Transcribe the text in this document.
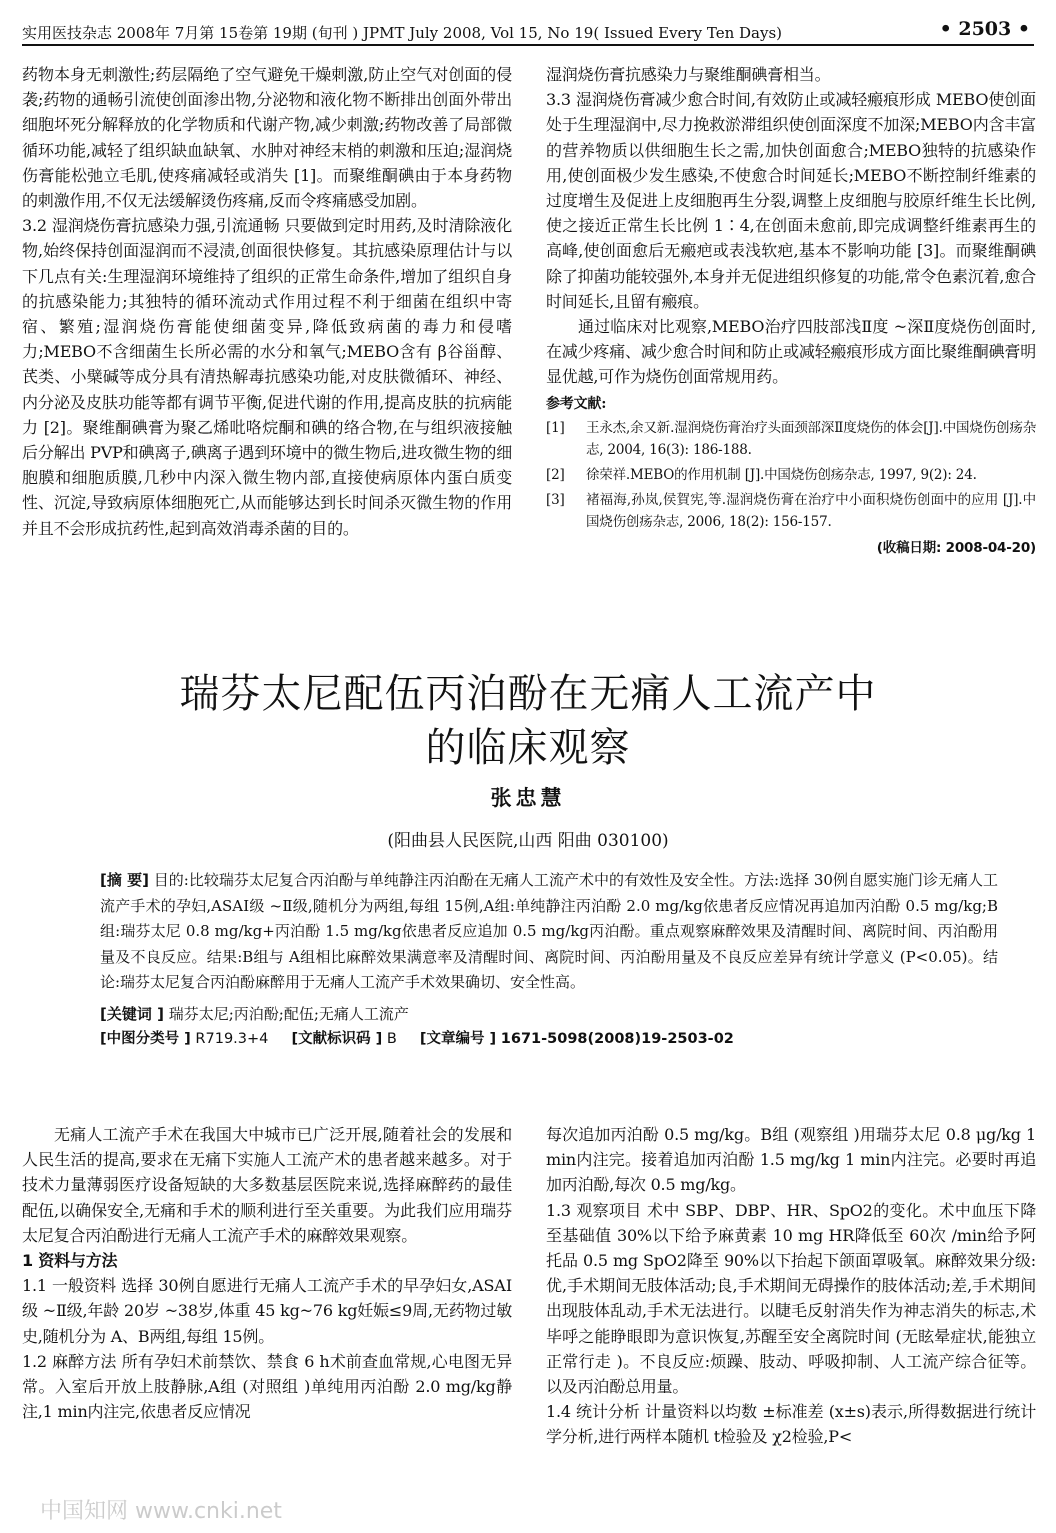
实用医技杂志 2008年 7月第 15卷第 19期 (旬刊 ) JPMT July 2008, Vol 15, No 19( Issued Every Ten Days)	• 2503 •

药物本身无刺激性;药层隔绝了空气避免干燥刺激,防止空气对创面的侵袭;药物的通畅引流使创面渗出物,分泌物和液化物不断排出创面外带出细胞坏死分解释放的化学物质和代谢产物,减少刺激;药物改善了局部微循环功能,减轻了组织缺血缺氧、水肿对神经末梢的刺激和压迫;湿润烧伤膏能松弛立毛肌,使疼痛减轻或消失 [1]。而聚维酮碘由于本身药物的刺激作用,不仅无法缓解烫伤疼痛,反而令疼痛感受加剧。

3.2 湿润烧伤膏抗感染力强,引流通畅 只要做到定时用药,及时清除液化物,始终保持创面湿润而不浸渍,创面很快修复。其抗感染原理估计与以下几点有关:生理湿润环境维持了组织的正常生命条件,增加了组织自身的抗感染能力;其独特的循环流动式作用过程不利于细菌在组织中寄宿、繁殖;湿润烧伤膏能使细菌变异,降低致病菌的毒力和侵嗜力;MEBO不含细菌生长所必需的水分和氧气;MEBO含有 β谷甾醇、芪类、小檗碱等成分具有清热解毒抗感染功能,对皮肤微循环、神经、内分泌及皮肤功能等都有调节平衡,促进代谢的作用,提高皮肤的抗病能力 [2]。聚维酮碘膏为聚乙烯吡咯烷酮和碘的络合物,在与组织液接触后分解出 PVP和碘离子,碘离子遇到环境中的微生物后,进攻微生物的细胞膜和细胞质膜,几秒中内深入微生物内部,直接使病原体内蛋白质变性、沉淀,导致病原体细胞死亡,从而能够达到长时间杀灭微生物的作用并且不会形成抗药性,起到高效消毒杀菌的目的。

湿润烧伤膏抗感染力与聚维酮碘膏相当。

3.3 湿润烧伤膏减少愈合时间,有效防止或减轻瘢痕形成 MEBO使创面处于生理湿润中,尽力挽救淤滞组织使创面深度不加深;MEBO内含丰富的营养物质以供细胞生长之需,加快创面愈合;MEBO独特的抗感染作用,使创面极少发生感染,不使愈合时间延长;MEBO不断控制纤维素的过度增生及促进上皮细胞再生分裂,调整上皮细胞与胶原纤维生长比例,使之接近正常生长比例 1∶4,在创面未愈前,即完成调整纤维素再生的高峰,使创面愈后无瘢疤或表浅软疤,基本不影响功能 [3]。而聚维酮碘除了抑菌功能较强外,本身并无促进组织修复的功能,常令色素沉着,愈合时间延长,且留有瘢痕。

通过临床对比观察,MEBO治疗四肢部浅Ⅱ度 ~深Ⅱ度烧伤创面时,在减少疼痛、减少愈合时间和防止或减轻瘢痕形成方面比聚维酮碘膏明显优越,可作为烧伤创面常规用药。

参考文献:
[1]	王永杰,余又新.湿润烧伤膏治疗头面颈部深Ⅱ度烧伤的体会[J].中国烧伤创疡杂志, 2004, 16(3): 186-188.
[2]	徐荣祥.MEBO的作用机制 [J].中国烧伤创疡杂志, 1997, 9(2): 24.
[3]	褚福海,孙岚,侯賀宪,等.湿润烧伤膏在治疗中小面积烧伤创面中的应用 [J].中国烧伤创疡杂志, 2006, 18(2): 156-157.
(收稿日期: 2008-04-20)
瑞芬太尼配伍丙泊酚在无痛人工流产中
的临床观察
张忠慧
(阳曲县人民医院,山西 阳曲 030100)

[摘 要] 目的:比较瑞芬太尼复合丙泊酚与单纯静注丙泊酚在无痛人工流产术中的有效性及安全性。方法:选择 30例自愿实施门诊无痛人工流产手术的孕妇,ASAⅠ级 ~Ⅱ级,随机分为两组,每组 15例,A组:单纯静注丙泊酚 2.0 mg/kg依患者反应情况再追加丙泊酚 0.5 mg/kg;B组:瑞芬太尼 0.8 mg/kg+丙泊酚 1.5 mg/kg依患者反应追加 0.5 mg/kg丙泊酚。重点观察麻醉效果及清醒时间、离院时间、丙泊酚用量及不良反应。结果:B组与 A组相比麻醉效果满意率及清醒时间、离院时间、丙泊酚用量及不良反应差异有统计学意义 (P<0.05)。结论:瑞芬太尼复合丙泊酚麻醉用于无痛人工流产手术效果确切、安全性高。

[关键词 ] 瑞芬太尼;丙泊酚;配伍;无痛人工流产

[中图分类号 ] R719.3+4 [文献标识码 ] B [文章编号 ] 1671-5098(2008)19-2503-02

无痛人工流产手术在我国大中城市已广泛开展,随着社会的发展和人民生活的提高,要求在无痛下实施人工流产术的患者越来越多。对于技术力量薄弱医疗设备短缺的大多数基层医院来说,选择麻醉药的最佳配伍,以确保安全,无痛和手术的顺利进行至关重要。为此我们应用瑞芬太尼复合丙泊酚进行无痛人工流产手术的麻醉效果观察。

1 资料与方法

1.1 一般资料 选择 30例自愿进行无痛人工流产手术的早孕妇女,ASAⅠ级 ~Ⅱ级,年龄 20岁 ~38岁,体重 45 kg~76 kg妊娠≤9周,无药物过敏史,随机分为 A、B两组,每组 15例。

1.2 麻醉方法 所有孕妇术前禁饮、禁食 6 h术前查血常规,心电图无异常。入室后开放上肢静脉,A组 (对照组 )单纯用丙泊酚 2.0 mg/kg静注,1 min内注完,依患者反应情况

每次追加丙泊酚 0.5 mg/kg。B组 (观察组 )用瑞芬太尼 0.8 μg/kg 1 min内注完。接着追加丙泊酚 1.5 mg/kg 1 min内注完。必要时再追加丙泊酚,每次 0.5 mg/kg。

1.3 观察项目 术中 SBP、DBP、HR、SpO2的变化。术中血压下降至基础值 30%以下给予麻黄素 10 mg HR降低至 60次 /min给予阿托品 0.5 mg SpO2降至 90%以下抬起下颌面罩吸氧。麻醉效果分级:优,手术期间无肢体活动;良,手术期间无碍操作的肢体活动;差,手术期间出现肢体乱动,手术无法进行。以睫毛反射消失作为神志消失的标志,术毕呼之能睁眼即为意识恢复,苏醒至安全离院时间 (无眩晕症状,能独立正常行走 )。不良反应:烦躁、肢动、呼吸抑制、人工流产综合征等。以及丙泊酚总用量。

1.4 统计分析 计量资料以均数 ±标准差 (x±s)表示,所得数据进行统计学分析,进行两样本随机 t检验及 χ2检验,P<

中国知网 www.cnki.net
